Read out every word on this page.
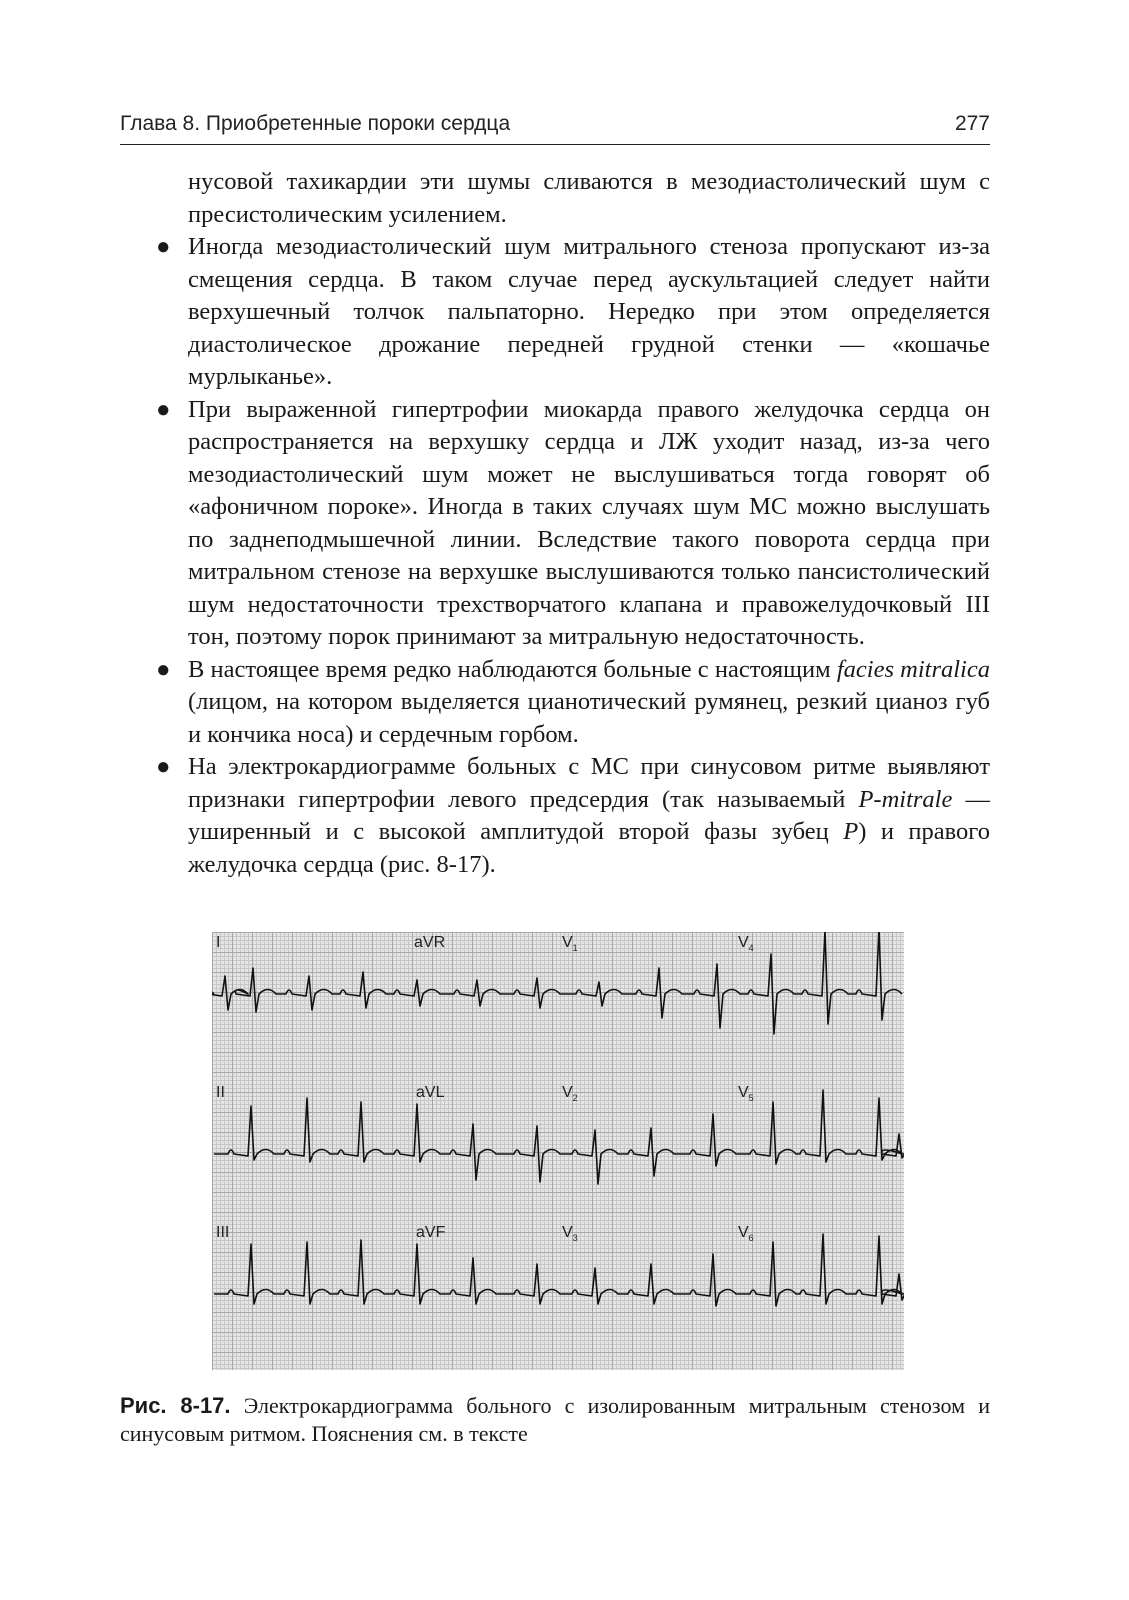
Глава 8. Приобретенные пороки сердца	277
нусовой тахикардии эти шумы сливаются в мезодиастолический шум с пресистолическим усилением.
● Иногда мезодиастолический шум митрального стеноза пропускают из-за смещения сердца. В таком случае перед аускультацией следует найти верхушечный толчок пальпаторно. Нередко при этом определяется диастолическое дрожание передней грудной стенки — «кошачье мурлыканье».
● При выраженной гипертрофии миокарда правого желудочка сердца он распространяется на верхушку сердца и ЛЖ уходит назад, из-за чего мезодиастолический шум может не выслушиваться тогда говорят об «афоничном пороке». Иногда в таких случаях шум МС можно выслушать по заднеподмышечной линии. Вследствие такого поворота сердца при митральном стенозе на верхушке выслушиваются только пансистолический шум недостаточности трехстворчатого клапана и правожелудочковый III тон, поэтому порок принимают за митральную недостаточность.
● В настоящее время редко наблюдаются больные с настоящим facies mitralica (лицом, на котором выделяется цианотический румянец, резкий цианоз губ и кончика носа) и сердечным горбом.
● На электрокардиограмме больных с МС при синусовом ритме выявляют признаки гипертрофии левого предсердия (так называемый P-mitrale — уширенный и с высокой амплитудой второй фазы зубец P) и правого желудочка сердца (рис. 8-17).
I	aVR	$V_1$	$V_4$
II	aVL	$V_2$	$V_5$
III	aVF	$V_3$	$V_6$
Рис. 8-17. Электрокардиограмма больного с изолированным митральным стенозом и синусовым ритмом. Пояснения см. в тексте
